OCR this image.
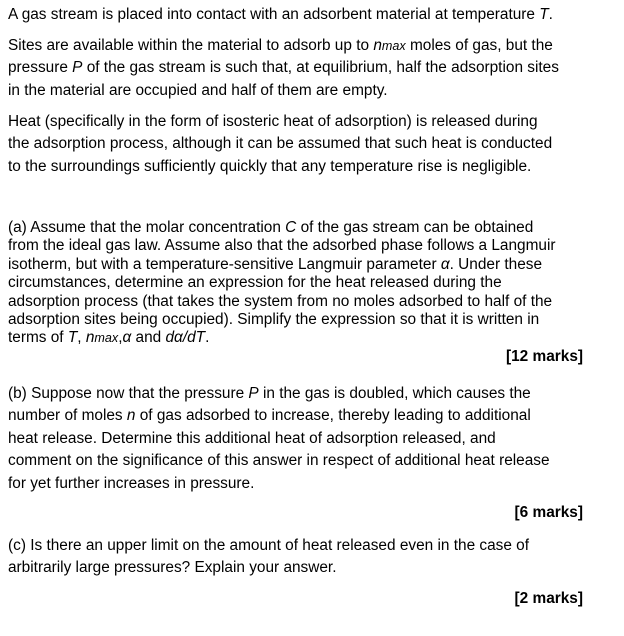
A gas stream is placed into contact with an adsorbent material at temperature T.

Sites are available within the material to adsorb up to nmax moles of gas, but the
pressure P of the gas stream is such that, at equilibrium, half the adsorption sites
in the material are occupied and half of them are empty.

Heat (specifically in the form of isosteric heat of adsorption) is released during
the adsorption process, although it can be assumed that such heat is conducted
to the surroundings sufficiently quickly that any temperature rise is negligible.

(a) Assume that the molar concentration C of the gas stream can be obtained
from the ideal gas law. Assume also that the adsorbed phase follows a Langmuir
isotherm, but with a temperature-sensitive Langmuir parameter α. Under these
circumstances, determine an expression for the heat released during the
adsorption process (that takes the system from no moles adsorbed to half of the
adsorption sites being occupied). Simplify the expression so that it is written in
terms of T, nmax,α and dα/dT.

[12 marks]

(b) Suppose now that the pressure P in the gas is doubled, which causes the
number of moles n of gas adsorbed to increase, thereby leading to additional
heat release. Determine this additional heat of adsorption released, and
comment on the significance of this answer in respect of additional heat release
for yet further increases in pressure.

[6 marks]

(c) Is there an upper limit on the amount of heat released even in the case of
arbitrarily large pressures? Explain your answer.

[2 marks]
